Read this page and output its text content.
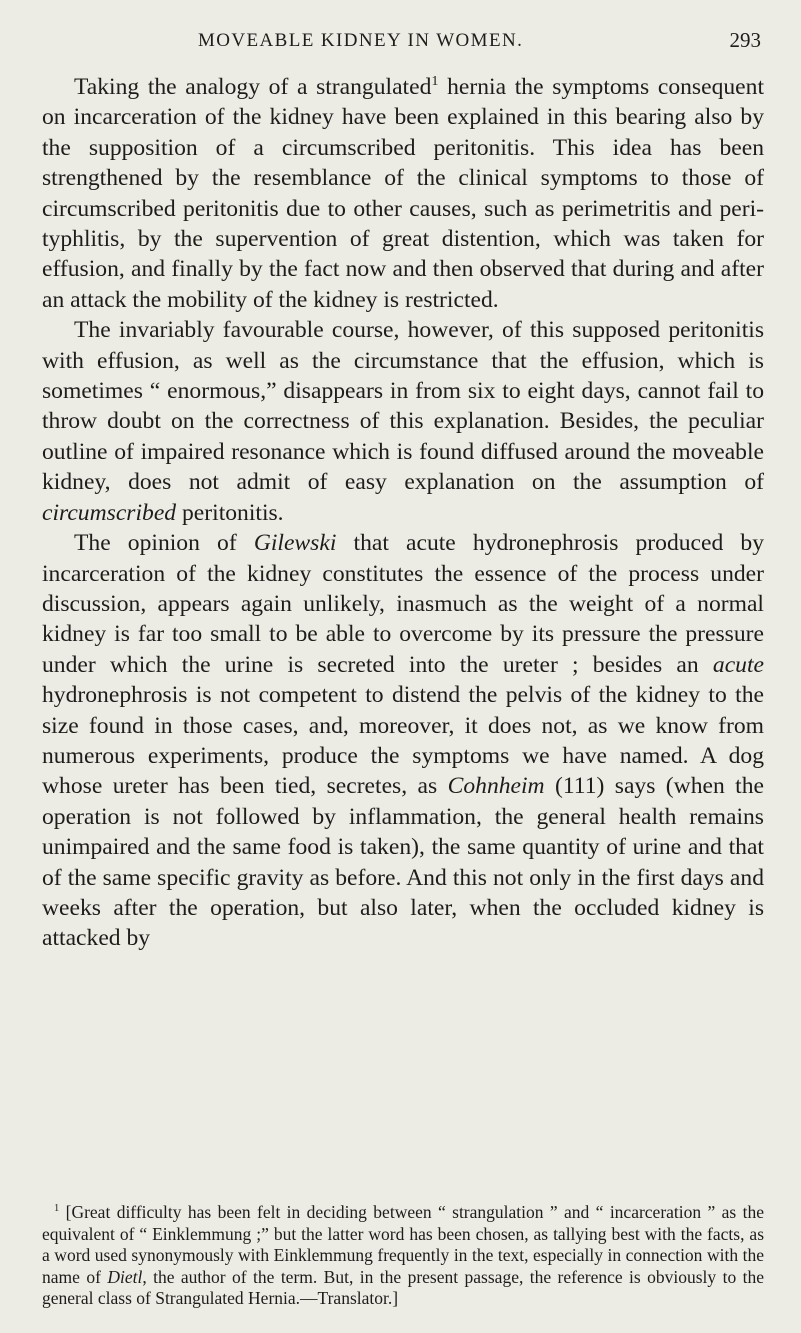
MOVEABLE KIDNEY IN WOMEN.	293

Taking the analogy of a strangulated$^1$ hernia the symptoms consequent on incarceration of the kidney have been explained in this bearing also by the supposition of a circumscribed peritonitis. This idea has been strengthened by the resemblance of the clinical symptoms to those of circumscribed peritonitis due to other causes, such as perimetritis and peri-typhlitis, by the supervention of great distention, which was taken for effusion, and finally by the fact now and then observed that during and after an attack the mobility of the kidney is restricted.

The invariably favourable course, however, of this supposed peritonitis with effusion, as well as the circumstance that the effusion, which is sometimes “ enormous,” disappears in from six to eight days, cannot fail to throw doubt on the correctness of this explanation. Besides, the peculiar outline of impaired resonance which is found diffused around the moveable kidney, does not admit of easy explanation on the assumption of circumscribed peritonitis.

The opinion of Gilewski that acute hydronephrosis produced by incarceration of the kidney constitutes the essence of the process under discussion, appears again unlikely, inasmuch as the weight of a normal kidney is far too small to be able to overcome by its pressure the pressure under which the urine is secreted into the ureter ; besides an acute hydronephrosis is not competent to distend the pelvis of the kidney to the size found in those cases, and, moreover, it does not, as we know from numerous experiments, produce the symptoms we have named. A dog whose ureter has been tied, secretes, as Cohnheim (111) says (when the operation is not followed by inflammation, the general health remains unimpaired and the same food is taken), the same quantity of urine and that of the same specific gravity as before. And this not only in the first days and weeks after the operation, but also later, when the occluded kidney is attacked by

$^1$ [Great difficulty has been felt in deciding between “ strangulation ” and “ incarceration ” as the equivalent of “ Einklemmung ;” but the latter word has been chosen, as tallying best with the facts, as a word used synonymously with Einklemmung frequently in the text, especially in connection with the name of Dietl, the author of the term. But, in the present passage, the reference is obviously to the general class of Strangulated Hernia.—Translator.]
